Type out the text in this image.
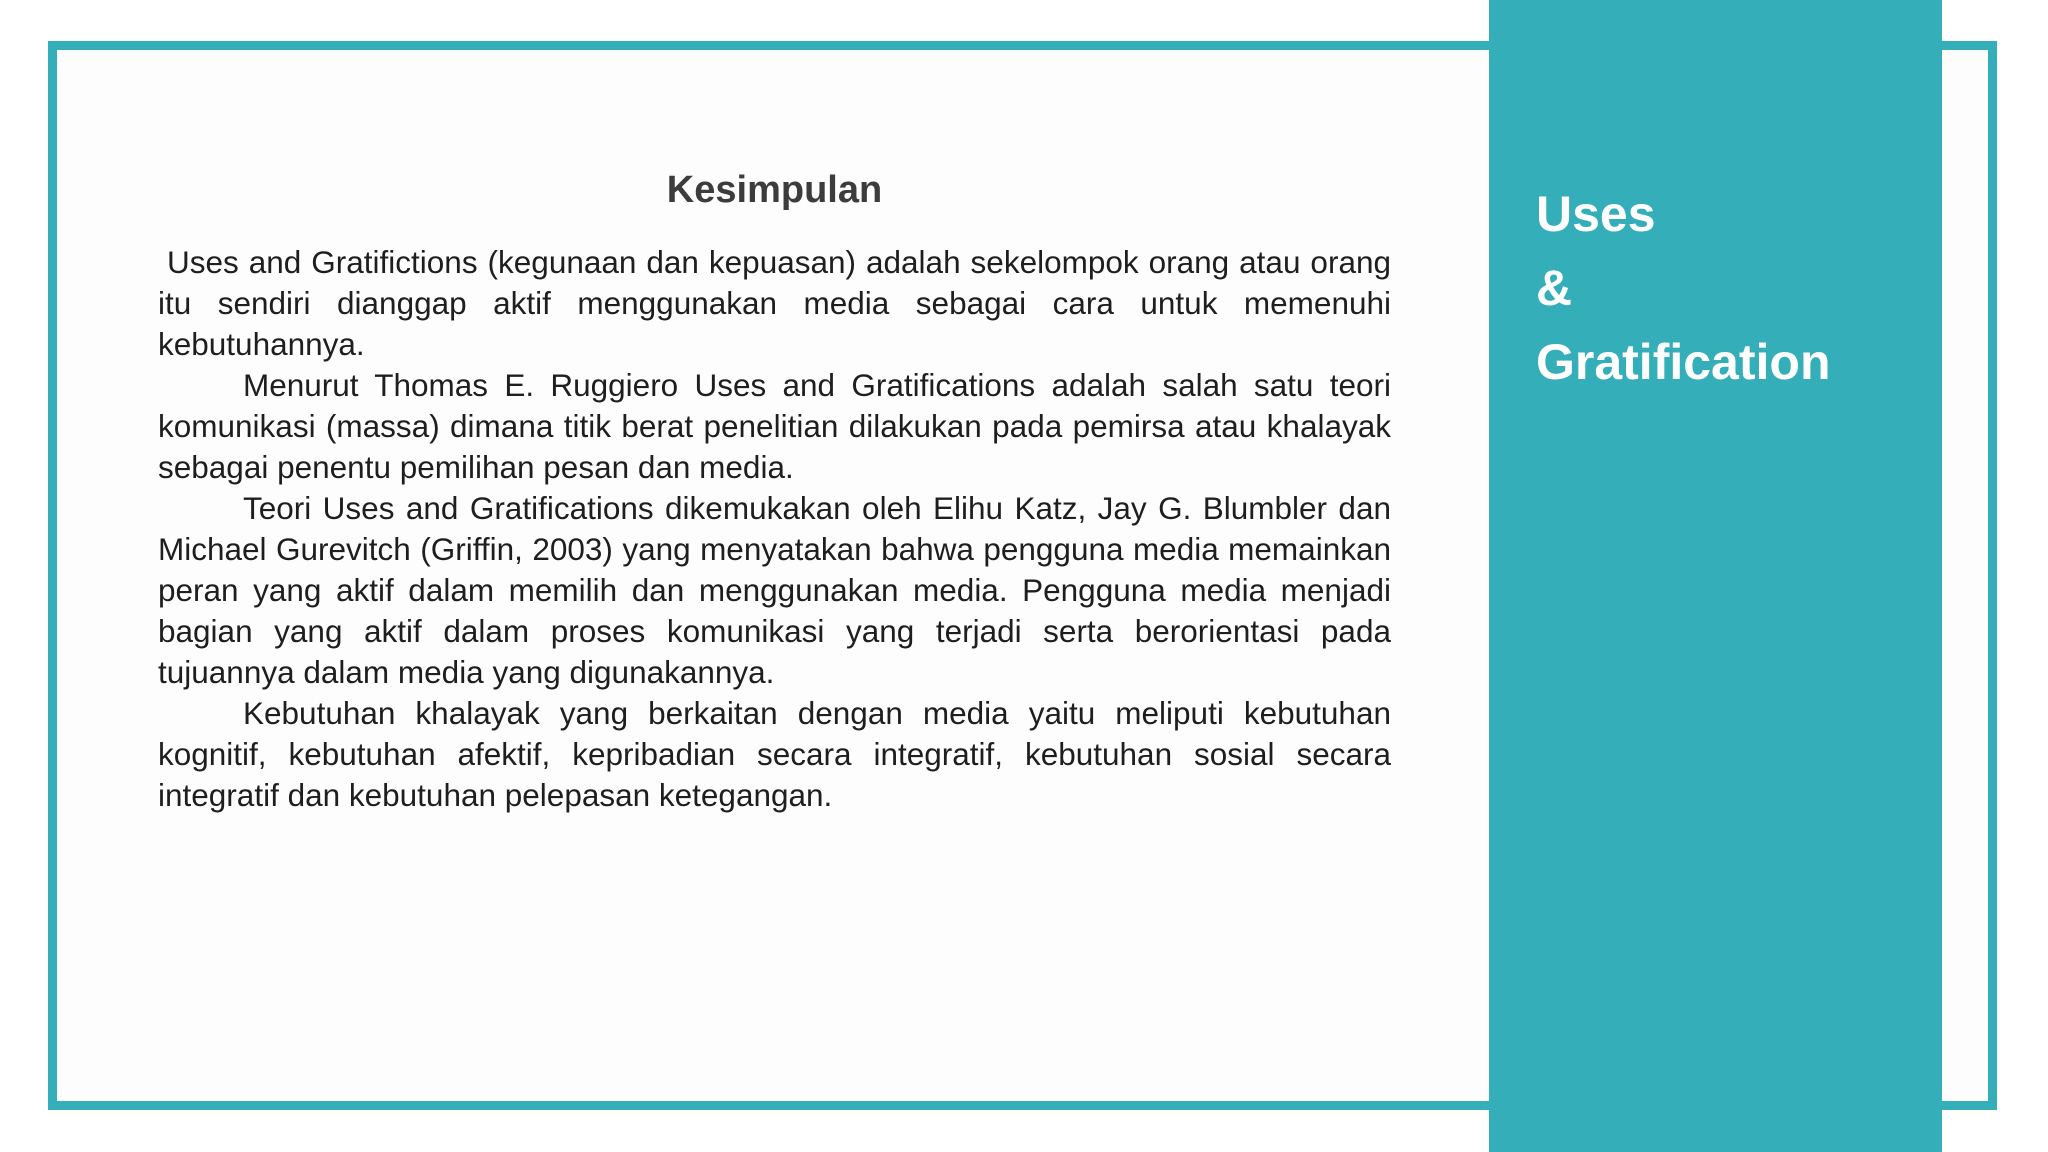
Kesimpulan

Uses and Gratifictions (kegunaan dan kepuasan) adalah sekelompok orang atau orang itu sendiri dianggap aktif menggunakan media sebagai cara untuk memenuhi kebutuhannya.

Menurut Thomas E. Ruggiero Uses and Gratifications adalah salah satu teori komunikasi (massa) dimana titik berat penelitian dilakukan pada pemirsa atau khalayak sebagai penentu pemilihan pesan dan media.

Teori Uses and Gratifications dikemukakan oleh Elihu Katz, Jay G. Blumbler dan Michael Gurevitch (Griffin, 2003) yang menyatakan bahwa pengguna media memainkan peran yang aktif dalam memilih dan menggunakan media. Pengguna media menjadi bagian yang aktif dalam proses komunikasi yang terjadi serta berorientasi pada tujuannya dalam media yang digunakannya.

Kebutuhan khalayak yang berkaitan dengan media yaitu meliputi kebutuhan kognitif, kebutuhan afektif, kepribadian secara integratif, kebutuhan sosial secara integratif dan kebutuhan pelepasan ketegangan.

Uses
&
Gratification
